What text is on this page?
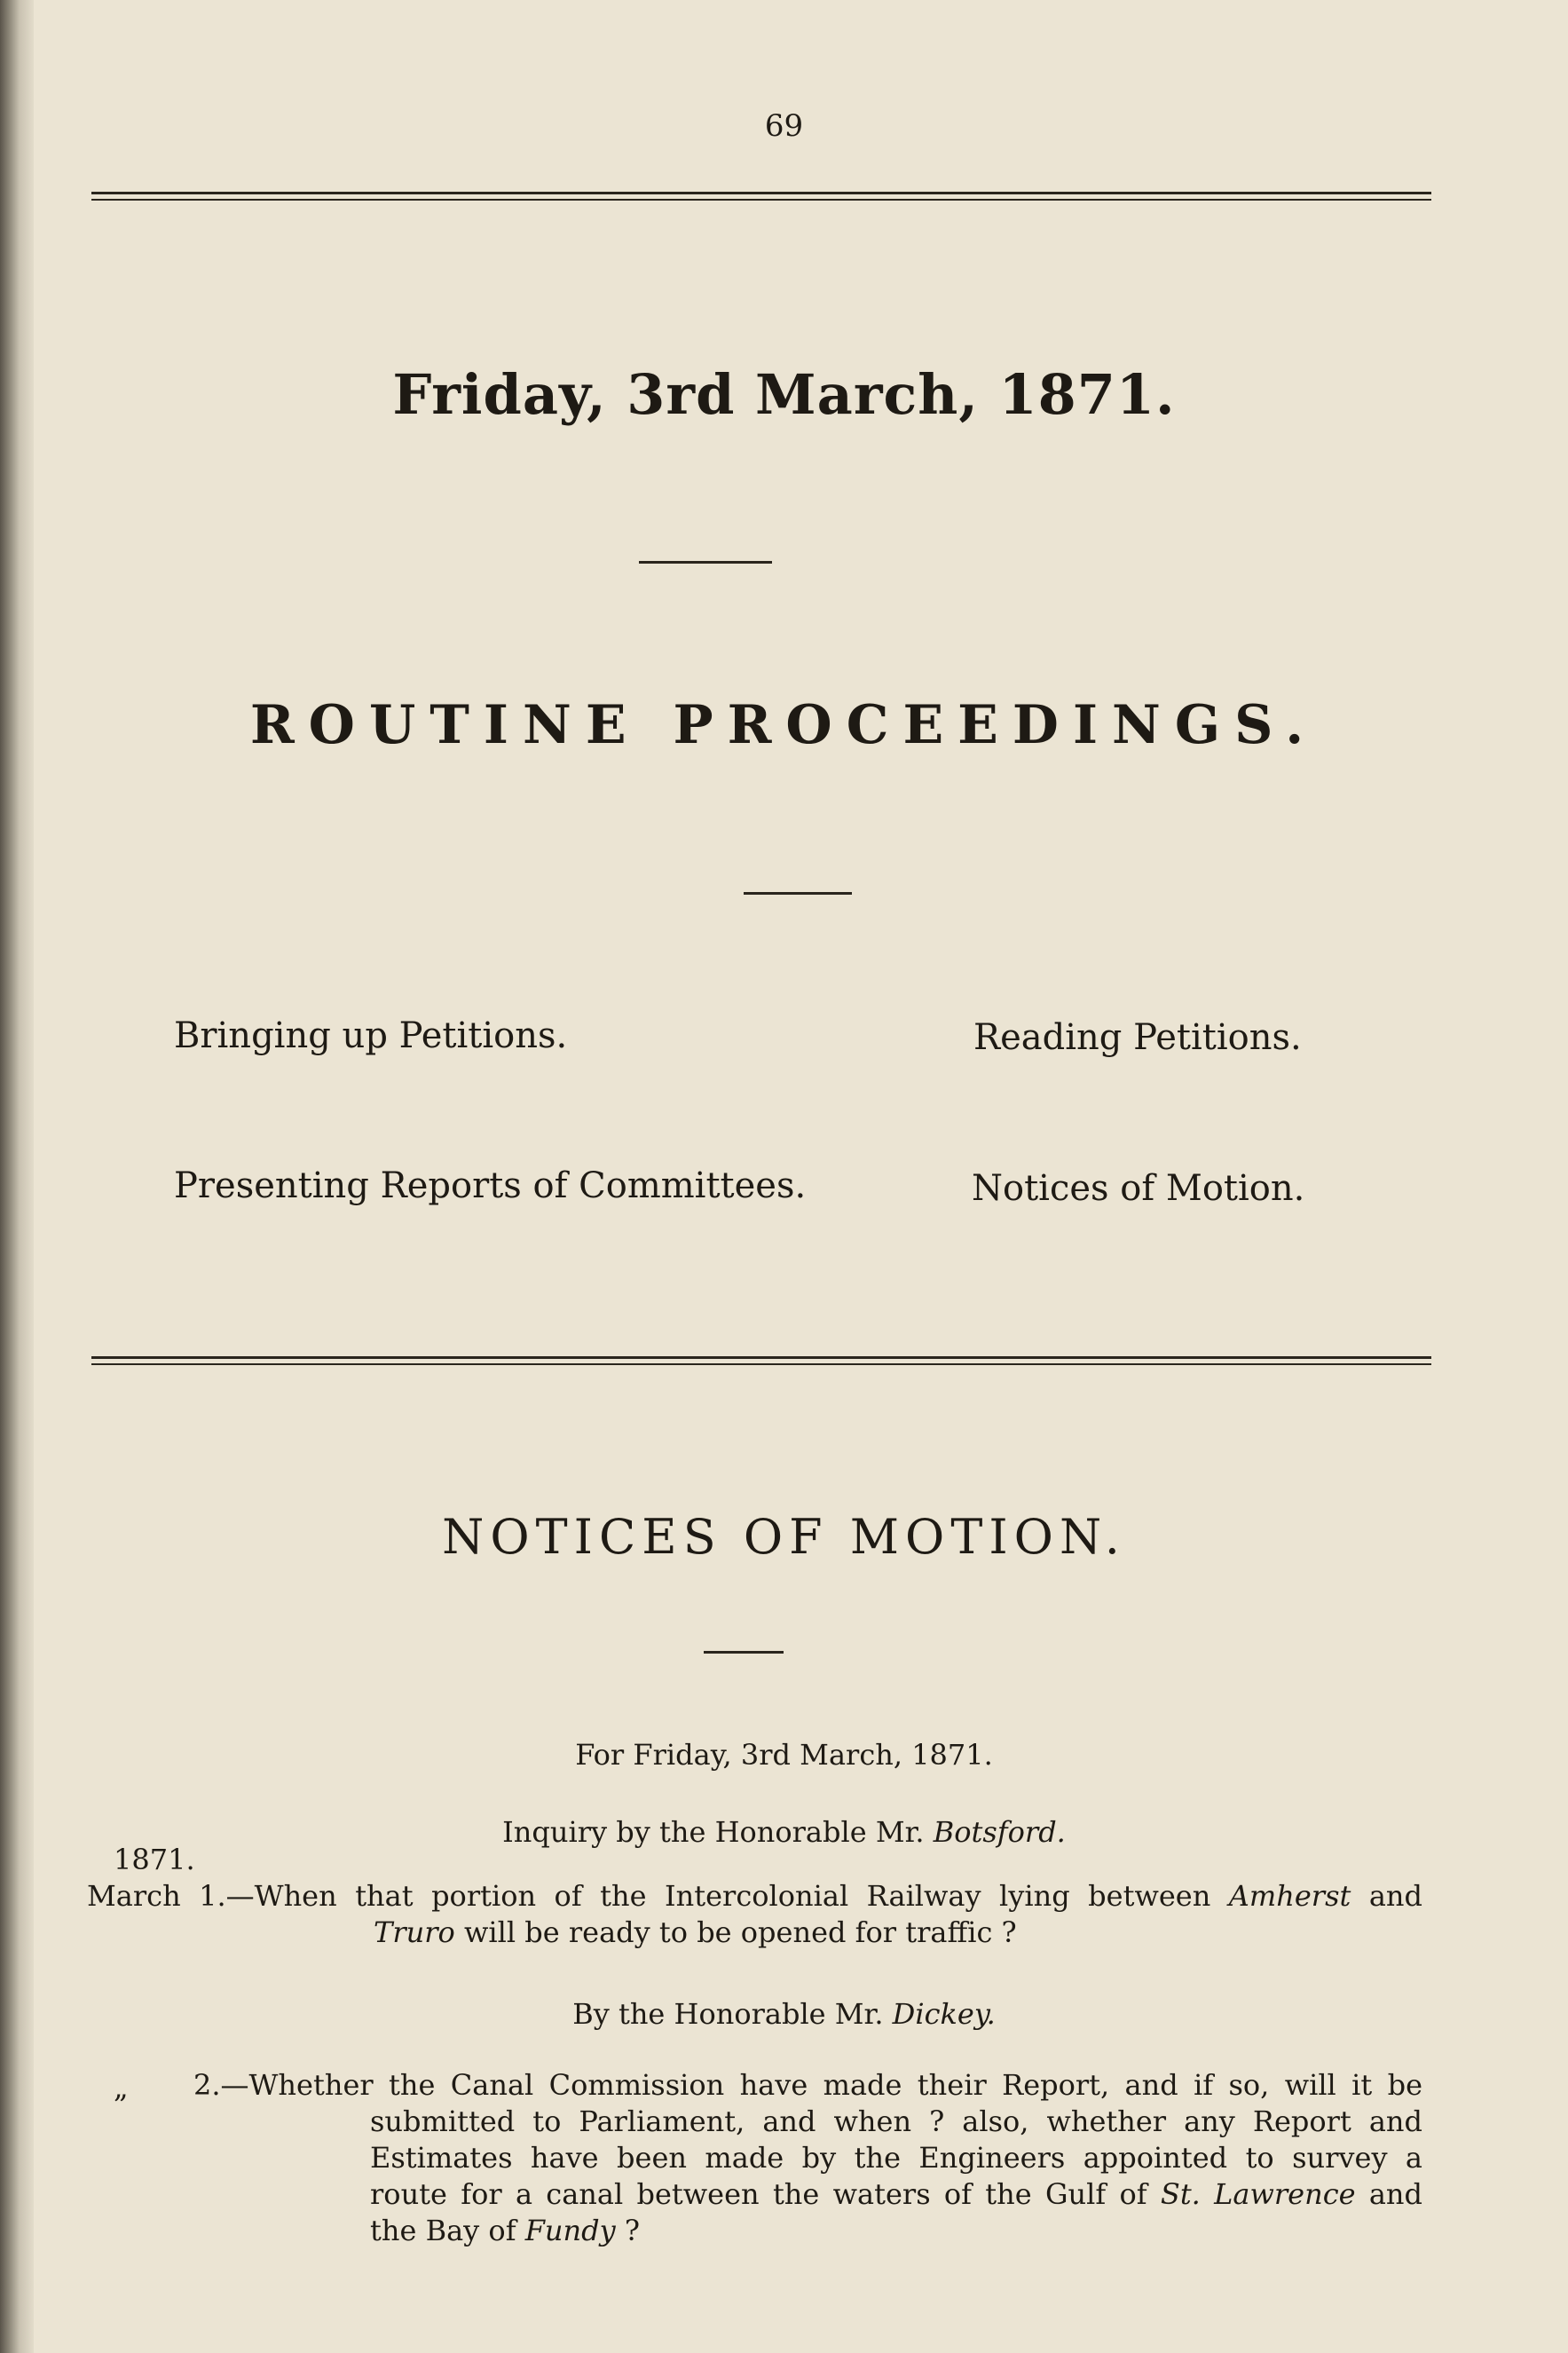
69
Friday, 3rd March, 1871.
ROUTINE PROCEEDINGS.
Bringing up Petitions.	Reading Petitions.
Presenting Reports of Committees.	Notices of Motion.
NOTICES OF MOTION.
For Friday, 3rd March, 1871.
Inquiry by the Honorable Mr. Botsford.
1871.
March 1.—When that portion of the Intercolonial Railway lying between Amherst and
Truro will be ready to be opened for traffic ?
By the Honorable Mr. Dickey.
„ 2.—Whether the Canal Commission have made their Report, and if so, will it be
submitted to Parliament, and when ? also, whether any Report and
Estimates have been made by the Engineers appointed to survey a
route for a canal between the waters of the Gulf of St. Lawrence and
the Bay of Fundy ?
